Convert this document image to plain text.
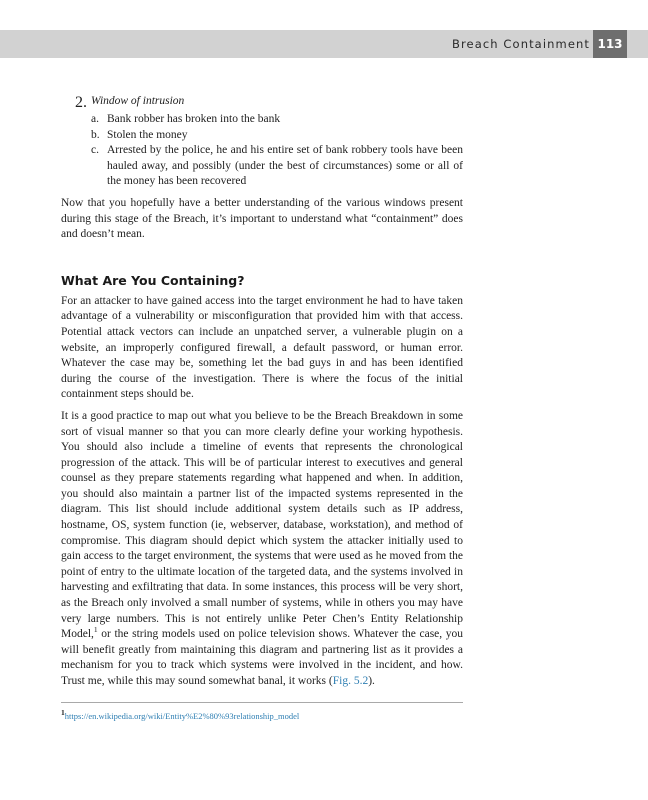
Breach Containment 113
2. Window of intrusion
a. Bank robber has broken into the bank
b. Stolen the money
c. Arrested by the police, he and his entire set of bank robbery tools have been hauled away, and possibly (under the best of circumstances) some or all of the money has been recovered

Now that you hopefully have a better understanding of the various windows present during this stage of the Breach, it’s important to understand what “containment” does and doesn’t mean.

What Are You Containing?

For an attacker to have gained access into the target environment he had to have taken advantage of a vulnerability or misconfiguration that provided him with that access. Potential attack vectors can include an unpatched server, a vulnerable plugin on a website, an improperly configured firewall, a default password, or human error. Whatever the case may be, something let the bad guys in and has been identified during the course of the investigation. There is where the focus of the initial containment steps should be.

It is a good practice to map out what you believe to be the Breach Breakdown in some sort of visual manner so that you can more clearly define your working hypothesis. You should also include a timeline of events that represents the chronological progression of the attack. This will be of particular interest to executives and general counsel as they prepare statements regarding what happened and when. In addition, you should also maintain a partner list of the impacted systems represented in the diagram. This list should include additional system details such as IP address, hostname, OS, system function (ie, webserver, database, workstation), and method of compromise. This diagram should depict which system the attacker initially used to gain access to the target environment, the systems that were used as he moved from the point of entry to the ultimate location of the targeted data, and the systems involved in harvesting and exfiltrating that data. In some instances, this process will be very short, as the Breach only involved a small number of systems, while in others you may have very large numbers. This is not entirely unlike Peter Chen’s Entity Relationship Model,$^1$ or the string models used on police television shows. Whatever the case, you will benefit greatly from maintaining this diagram and partnering list as it provides a mechanism for you to track which systems were involved in the incident, and how. Trust me, while this may sound somewhat banal, it works (Fig. 5.2).

$^1$https://en.wikipedia.org/wiki/Entity%E2%80%93relationship_model
